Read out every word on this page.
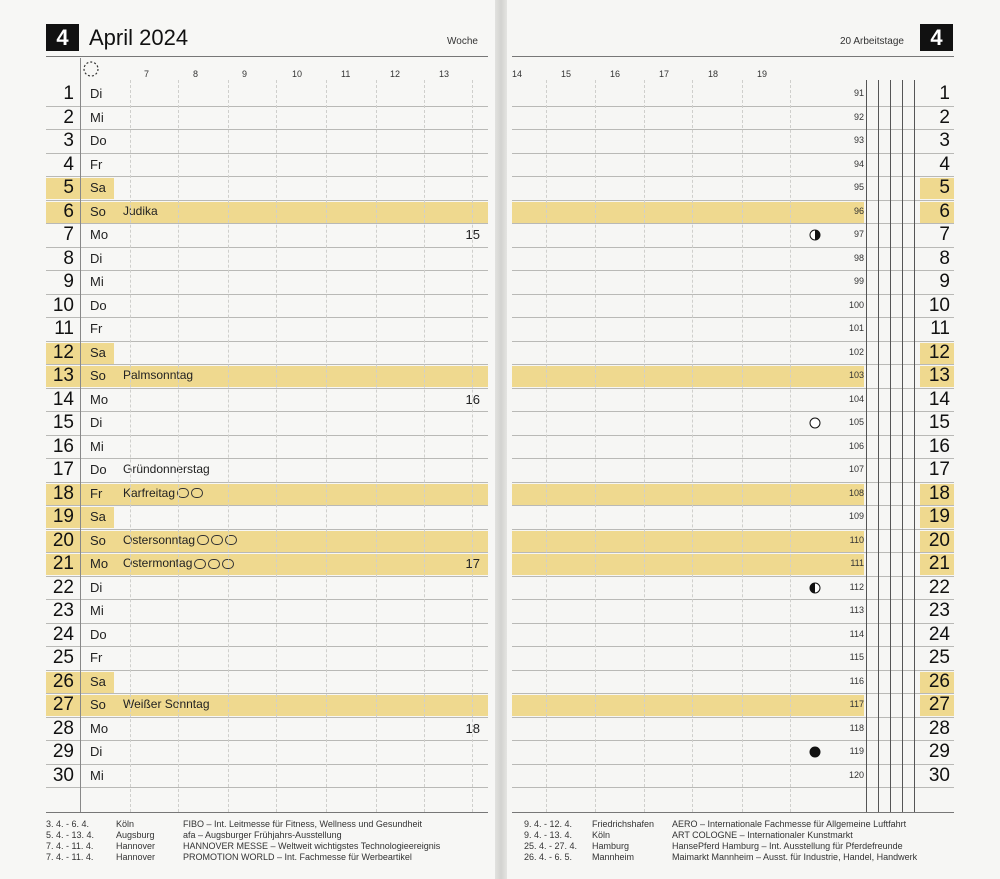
4 April 2024	Woche	20 Arbeitstage	4
7	8	9	10	11	12	13	14	15	16	17	18	19
1 Di	91	1
2 Mi	92	2
3 Do	93	3
4 Fr	94	4
5 Sa	95	5
6 So Judika	96	6
7 Mo	15	97	7
8 Di	98	8
9 Mi	99	9
10 Do	100	10
11 Fr	101	11
12 Sa	102	12
13 So Palmsonntag	103	13
14 Mo	16	104	14
15 Di	105	15
16 Mi	106	16
17 Do Gründonnerstag	107	17
18 Fr Karfreitag	108	18
19 Sa	109	19
20 So Ostersonntag	110	20
21 Mo Ostermontag	17	111	21
22 Di	112	22
23 Mi	113	23
24 Do	114	24
25 Fr	115	25
26 Sa	116	26
27 So Weißer Sonntag	117	27
28 Mo	18	118	28
29 Di	119	29
30 Mi	120	30
3. 4. - 6. 4.	Köln	FIBO – Int. Leitmesse für Fitness, Wellness und Gesundheit
5. 4. - 13. 4. Augsburg	afa – Augsburger Frühjahrs-Ausstellung
7. 4. - 11. 4.	Hannover	HANNOVER MESSE – Weltweit wichtigstes Technologieereignis
7. 4. - 11. 4.	Hannover	PROMOTION WORLD – Int. Fachmesse für Werbeartikel
9. 4. - 12. 4. Friedrichshafen AERO – Internationale Fachmesse für Allgemeine Luftfahrt
9. 4. - 13. 4. Köln	ART COLOGNE – Internationaler Kunstmarkt
25. 4. - 27. 4. Hamburg	HansePferd Hamburg – Int. Ausstellung für Pferdefreunde
26. 4. - 6. 5. Mannheim	Maimarkt Mannheim – Ausst. für Industrie, Handel, Handwerk
